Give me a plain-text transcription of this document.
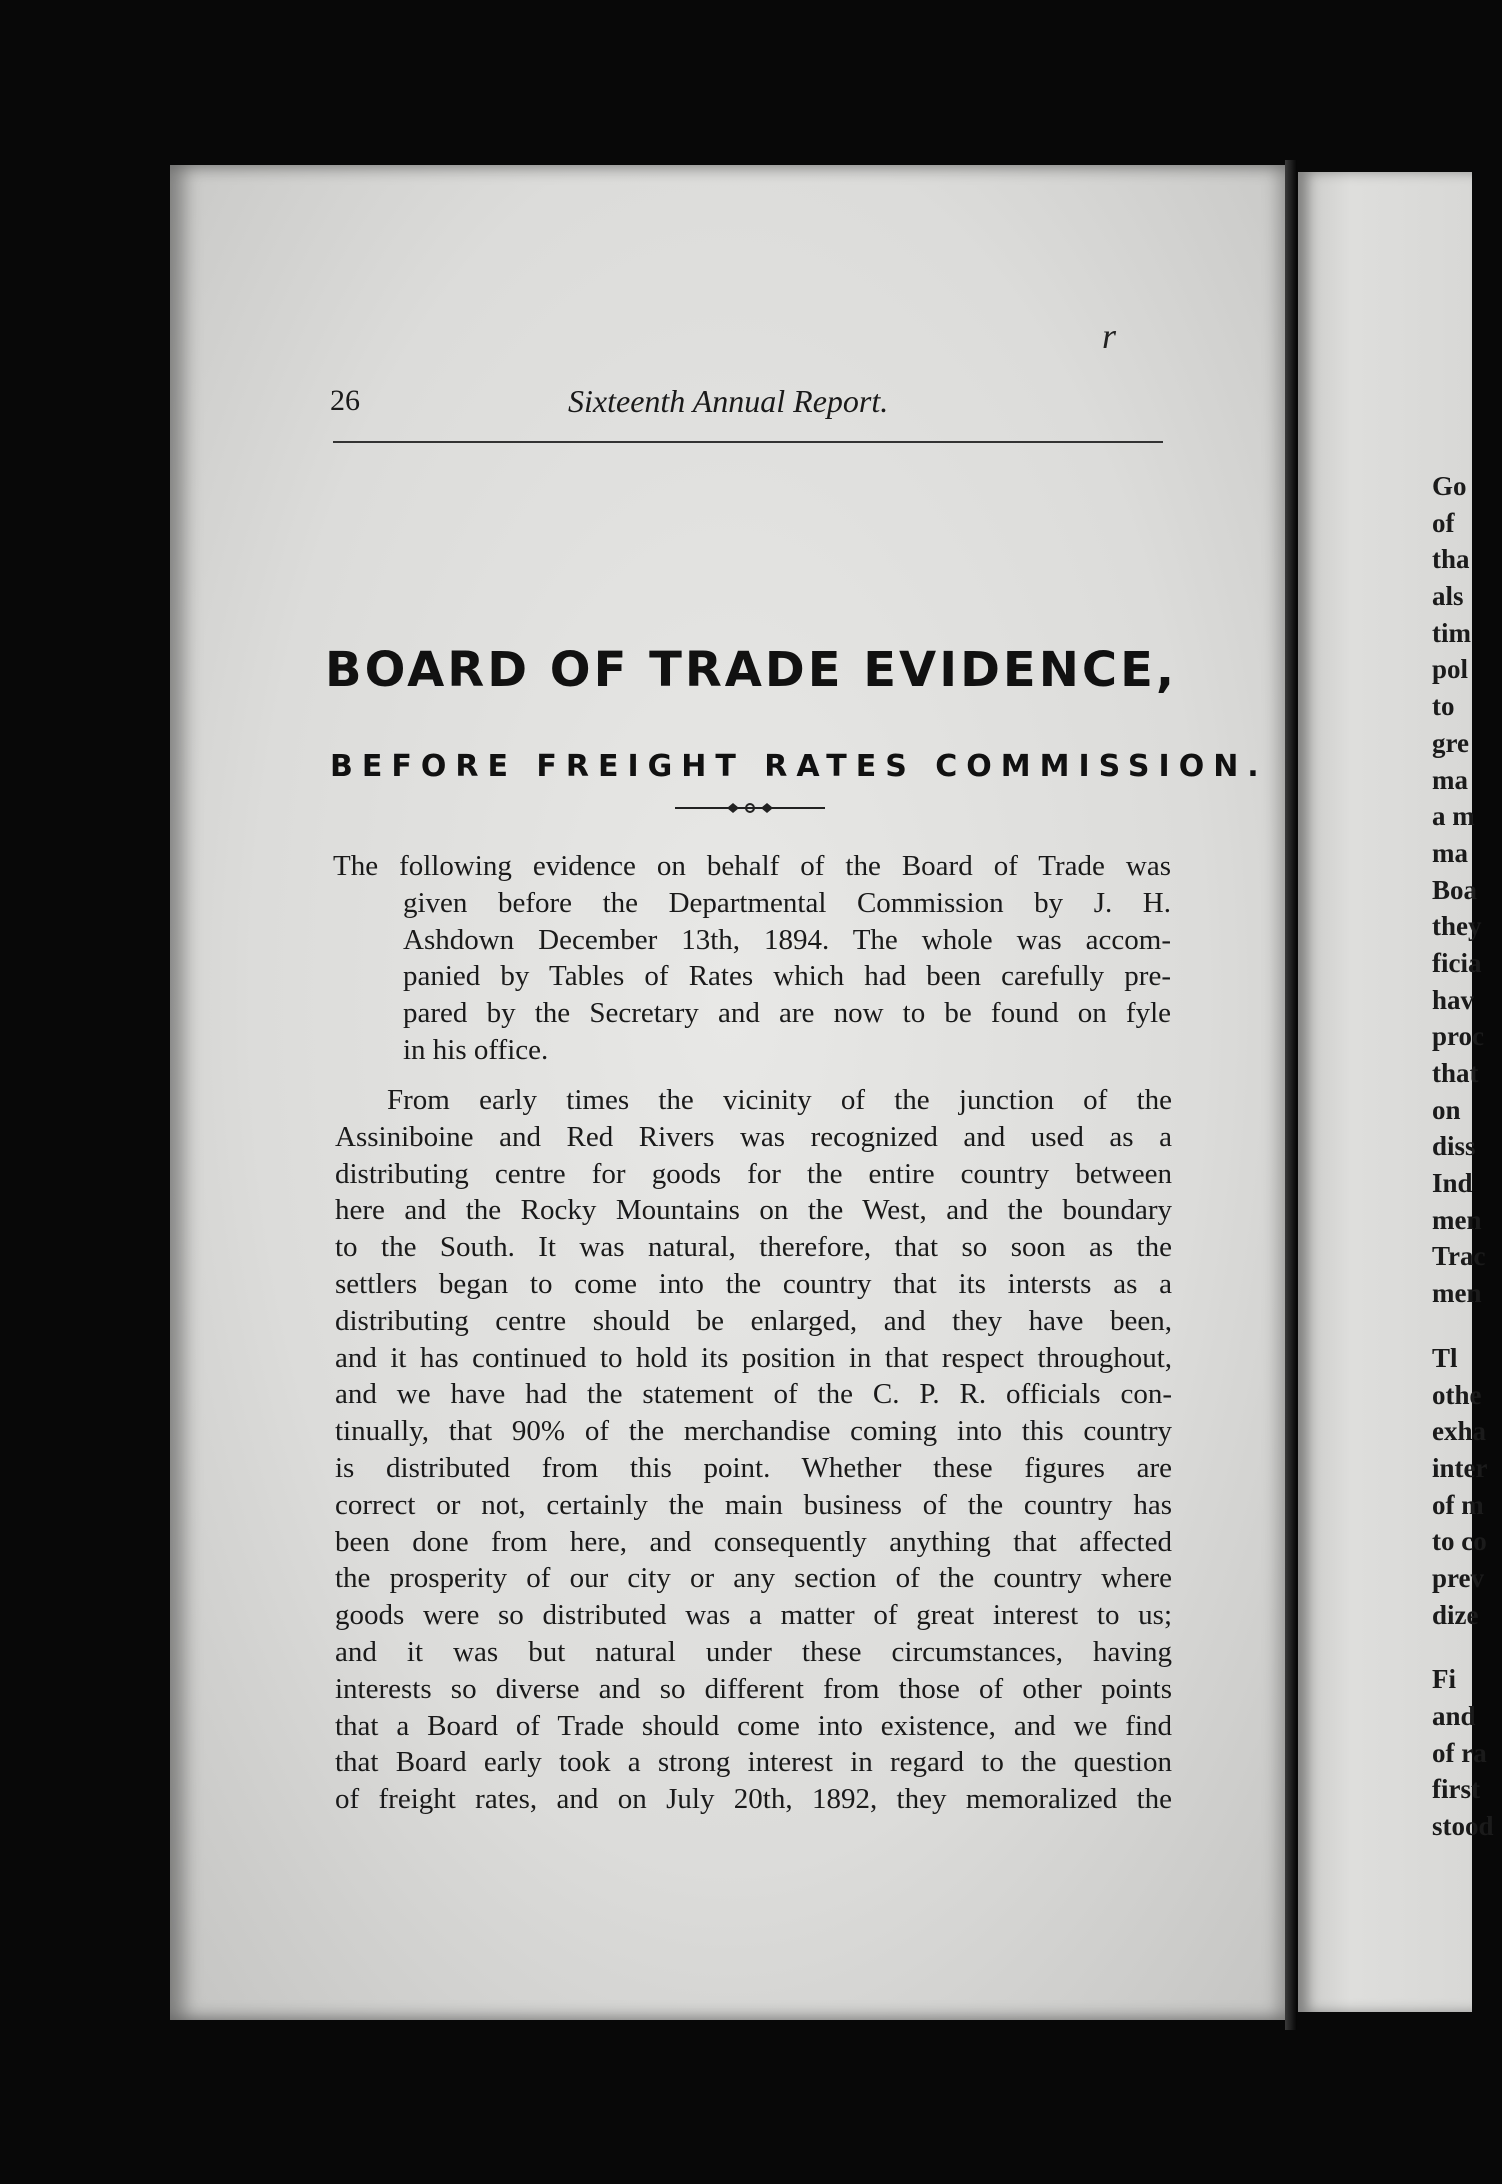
r
26	Sixteenth Annual Report.
BOARD OF TRADE EVIDENCE,
BEFORE FREIGHT RATES COMMISSION.
The following evidence on behalf of the Board of Trade was
given before the Departmental Commission by J. H.
Ashdown December 13th, 1894. The whole was accom-
panied by Tables of Rates which had been carefully pre-
pared by the Secretary and are now to be found on fyle
in his office.
From early times the vicinity of the junction of the
Assiniboine and Red Rivers was recognized and used as a
distributing centre for goods for the entire country between
here and the Rocky Mountains on the West, and the boundary
to the South. It was natural, therefore, that so soon as the
settlers began to come into the country that its intersts as a
distributing centre should be enlarged, and they have been,
and it has continued to hold its position in that respect throughout,
and we have had the statement of the C. P. R. officials con-
tinually, that 90% of the merchandise coming into this country
is distributed from this point. Whether these figures are
correct or not, certainly the main business of the country has
been done from here, and consequently anything that affected
the prosperity of our city or any section of the country where
goods were so distributed was a matter of great interest to us;
and it was but natural under these circumstances, having
interests so diverse and so different from those of other points
that a Board of Trade should come into existence, and we find
that Board early took a strong interest in regard to the question
of freight rates, and on July 20th, 1892, they memoralized the
Go
of
tha
als
tim
pol
to
gre
ma
a m
ma
Boa
they
ficia
hav
proc
that
on
diss
Ind
men
Trac
men
Tl
othe
exha
inter
of m
to co
prev
dize
Fi
and
of ra
first
stood
